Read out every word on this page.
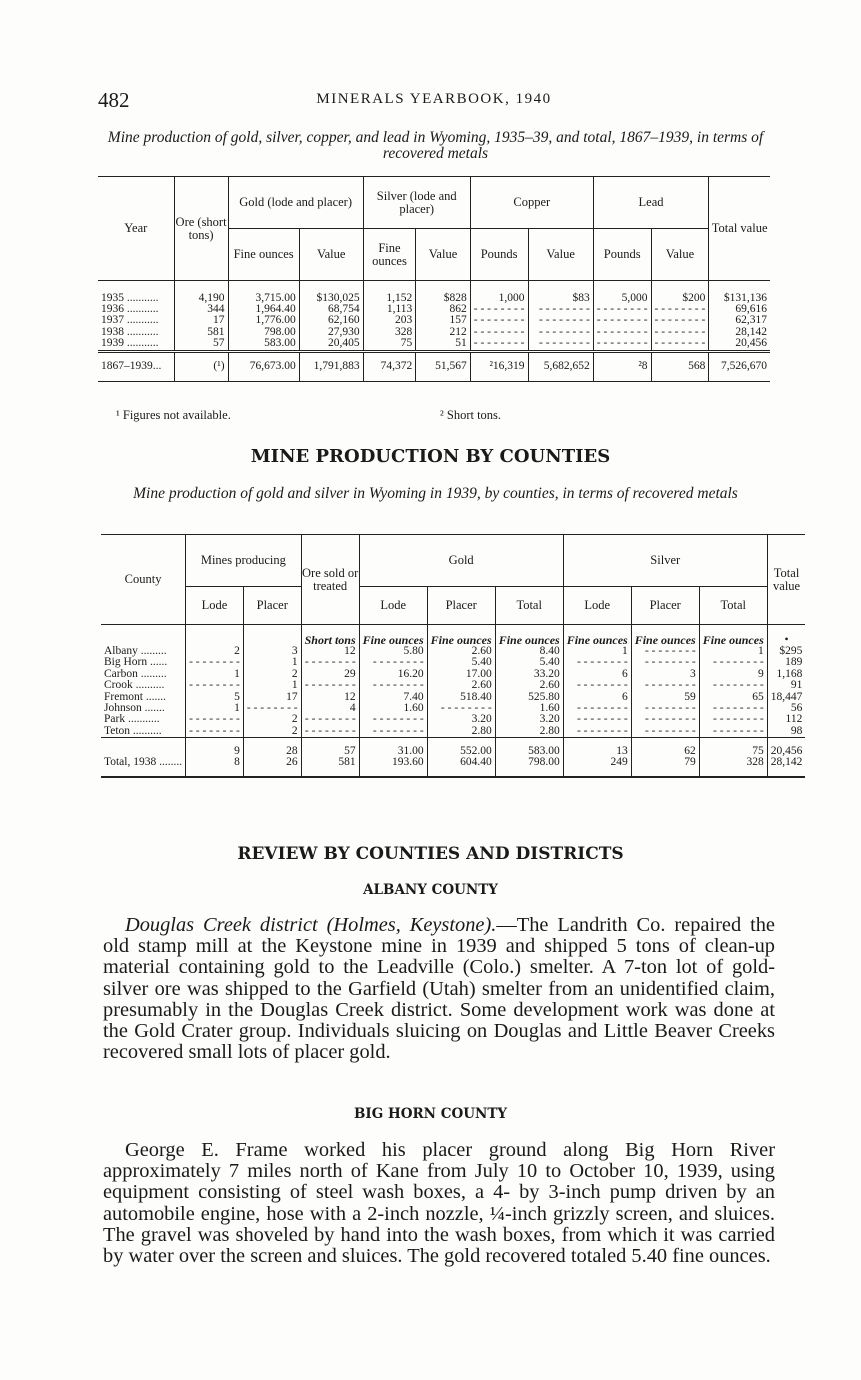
482	MINERALS YEARBOOK, 1940
Mine production of gold, silver, copper, and lead in Wyoming, 1935–39, and total, 1867–1939, in terms of recovered metals
Year	Ore (short tons)	Gold (lode and placer)		Silver (lode and placer)		Copper		Lead		Total value
		Fine ounces	Value	Fine ounces	Value	Pounds	Value	Pounds	Value	

1935 ...........	4,190	3,715.00	$130,025	1,152	$828	1,000	$83	5,000	$200	$131,136
1936 ...........	344	1,964.40	68,754	1,113	862	- - - - - - - -	- - - - - - - -	- - - - - - - -	- - - - - - - -	69,616
1937 ...........	17	1,776.00	62,160	203	157	- - - - - - - -	- - - - - - - -	- - - - - - - -	- - - - - - - -	62,317
1938 ...........	581	798.00	27,930	328	212	- - - - - - - -	- - - - - - - -	- - - - - - - -	- - - - - - - -	28,142
1939 ...........	57	583.00	20,405	75	51	- - - - - - - -	- - - - - - - -	- - - - - - - -	- - - - - - - -	20,456
1867–1939...	(¹)	76,673.00	1,791,883	74,372	51,567	²16,319	5,682,652	²8	568	7,526,670
¹ Figures not available.	² Short tons.
MINE PRODUCTION BY COUNTIES
Mine production of gold and silver in Wyoming in 1939, by counties, in terms of recovered metals
County	Mines producing		Ore sold or treated	Gold			Silver			Total value
	Lode	Placer		Lode	Placer	Total	Lode	Placer	Total	

			Short tons	Fine ounces	Fine ounces	Fine ounces	Fine ounces	Fine ounces	Fine ounces	•
Albany .........	2	3	12	5.80	2.60	8.40	1	- - - - - - - -	1	$295
Big Horn ......	- - - - - - - -	1	- - - - - - - -	- - - - - - - -	5.40	5.40	- - - - - - - -	- - - - - - - -	- - - - - - - -	189
Carbon .........	1	2	29	16.20	17.00	33.20	6	3	9	1,168
Crook ..........	- - - - - - - -	1	- - - - - - - -	- - - - - - - -	2.60	2.60	- - - - - - - -	- - - - - - - -	- - - - - - - -	91
Fremont .......	5	17	12	7.40	518.40	525.80	6	59	65	18,447
Johnson .......	1	- - - - - - - -	4	1.60	- - - - - - - -	1.60	- - - - - - - -	- - - - - - - -	- - - - - - - -	56
Park ...........	- - - - - - - -	2	- - - - - - - -	- - - - - - - -	3.20	3.20	- - - - - - - -	- - - - - - - -	- - - - - - - -	112
Teton ..........	- - - - - - - -	2	- - - - - - - -	- - - - - - - -	2.80	2.80	- - - - - - - -	- - - - - - - -	- - - - - - - -	98

	9	28	57	31.00	552.00	583.00	13	62	75	20,456
Total, 1938 ........	8	26	581	193.60	604.40	798.00	249	79	328	28,142
REVIEW BY COUNTIES AND DISTRICTS
ALBANY COUNTY
Douglas Creek district (Holmes, Keystone).—The Landrith Co. repaired the old stamp mill at the Keystone mine in 1939 and shipped 5 tons of clean-up material containing gold to the Leadville (Colo.) smelter. A 7-ton lot of gold-silver ore was shipped to the Garfield (Utah) smelter from an unidentified claim, presumably in the Douglas Creek district. Some development work was done at the Gold Crater group. Individuals sluicing on Douglas and Little Beaver Creeks recovered small lots of placer gold.
BIG HORN COUNTY
George E. Frame worked his placer ground along Big Horn River approximately 7 miles north of Kane from July 10 to October 10, 1939, using equipment consisting of steel wash boxes, a 4- by 3-inch pump driven by an automobile engine, hose with a 2-inch nozzle, ¼-inch grizzly screen, and sluices. The gravel was shoveled by hand into the wash boxes, from which it was carried by water over the screen and sluices. The gold recovered totaled 5.40 fine ounces.
